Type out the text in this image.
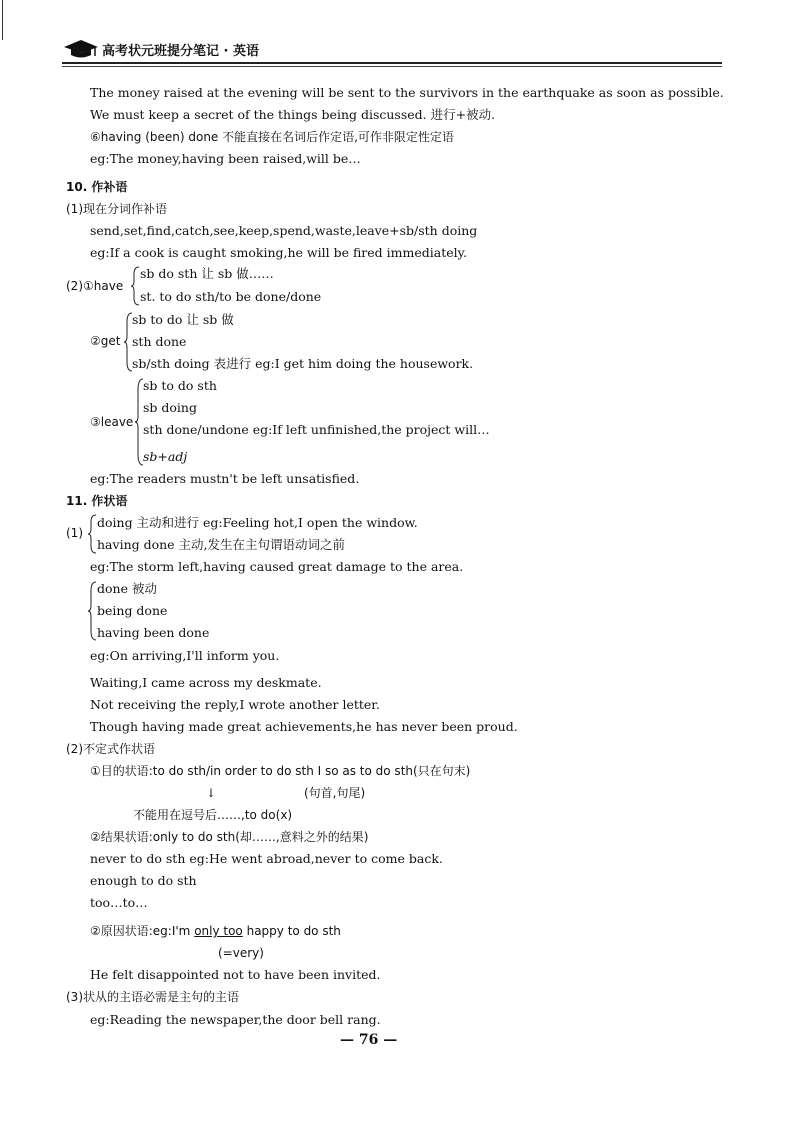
高考状元班提分笔记 · 英语
The money raised at the evening will be sent to the survivors in the earthquake as soon as possible.
We must keep a secret of the things being discussed. 进行+被动.
⑥having (been) done 不能直接在名词后作定语,可作非限定性定语
eg:The money,having been raised,will be…
10. 作补语
(1)现在分词作补语
send,set,find,catch,see,keep,spend,waste,leave+sb/sth doing
eg:If a cook is caught smoking,he will be fired immediately.
(2)①have
sb do sth 让 sb 做……
st. to do sth/to be done/done
②get
sb to do 让 sb 做
sth done
sb/sth doing 表进行 eg:I get him doing the housework.
③leave
sb to do sth
sb doing
sth done/undone eg:If left unfinished,the project will…
sb+adj
eg:The readers mustn't be left unsatisfied.
11. 作状语
(1)
doing 主动和进行 eg:Feeling hot,I open the window.
having done 主动,发生在主句谓语动词之前
eg:The storm left,having caused great damage to the area.
done 被动
being done
having been done
eg:On arriving,I'll inform you.
Waiting,I came across my deskmate.
Not receiving the reply,I wrote another letter.
Though having made great achievements,he has never been proud.
(2)不定式作状语
①目的状语:to do sth/in order to do sth I so as to do sth(只在句末)
↓	(句首,句尾)
不能用在逗号后……,to do(x)
②结果状语:only to do sth(却……,意料之外的结果)
never to do sth eg:He went abroad,never to come back.
enough to do sth
too…to…
②原因状语:eg:I'm only too happy to do sth
(=very)
He felt disappointed not to have been invited.
(3)状从的主语必需是主句的主语
eg:Reading the newspaper,the door bell rang.
— 76 —
